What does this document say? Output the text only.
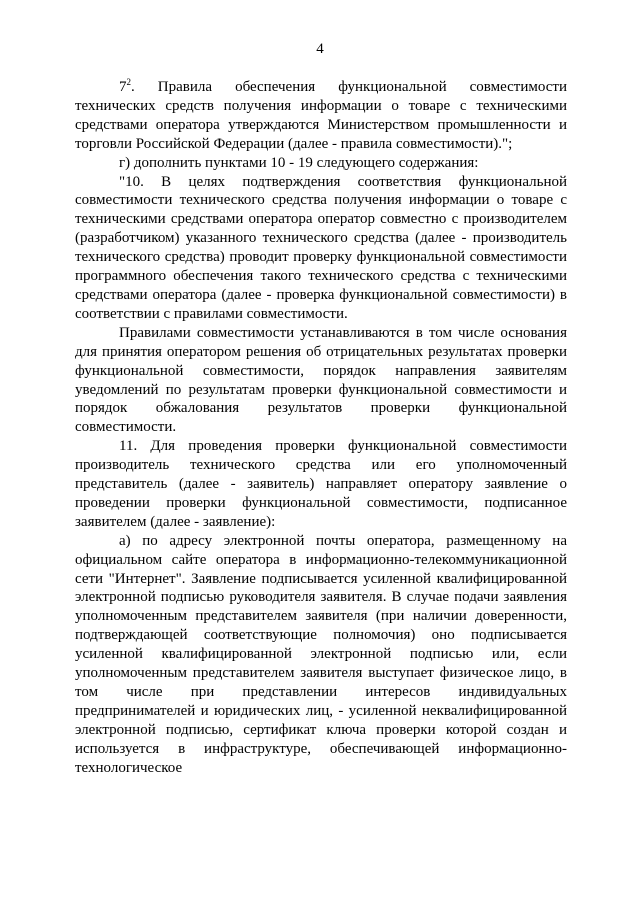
4

$7^2$. Правила обеспечения функциональной совместимости технических средств получения информации о товаре с техническими средствами оператора утверждаются Министерством промышленности и торговли Российской Федерации (далее - правила совместимости).";

г) дополнить пунктами 10 - 19 следующего содержания:

"10. В целях подтверждения соответствия функциональной совместимости технического средства получения информации о товаре с техническими средствами оператора оператор совместно с производителем (разработчиком) указанного технического средства (далее - производитель технического средства) проводит проверку функциональной совместимости программного обеспечения такого технического средства с техническими средствами оператора (далее - проверка функциональной совместимости) в соответствии с правилами совместимости.

Правилами совместимости устанавливаются в том числе основания для принятия оператором решения об отрицательных результатах проверки функциональной совместимости, порядок направления заявителям уведомлений по результатам проверки функциональной совместимости и порядок обжалования результатов проверки функциональной совместимости.

11. Для проведения проверки функциональной совместимости производитель технического средства или его уполномоченный представитель (далее - заявитель) направляет оператору заявление о проведении проверки функциональной совместимости, подписанное заявителем (далее - заявление):

а) по адресу электронной почты оператора, размещенному на официальном сайте оператора в информационно-телекоммуникационной сети "Интернет". Заявление подписывается усиленной квалифицированной электронной подписью руководителя заявителя. В случае подачи заявления уполномоченным представителем заявителя (при наличии доверенности, подтверждающей соответствующие полномочия) оно подписывается усиленной квалифицированной электронной подписью или, если уполномоченным представителем заявителя выступает физическое лицо, в том числе при представлении интересов индивидуальных предпринимателей и юридических лиц, - усиленной неквалифицированной электронной подписью, сертификат ключа проверки которой создан и используется в инфраструктуре, обеспечивающей информационно-технологическое
